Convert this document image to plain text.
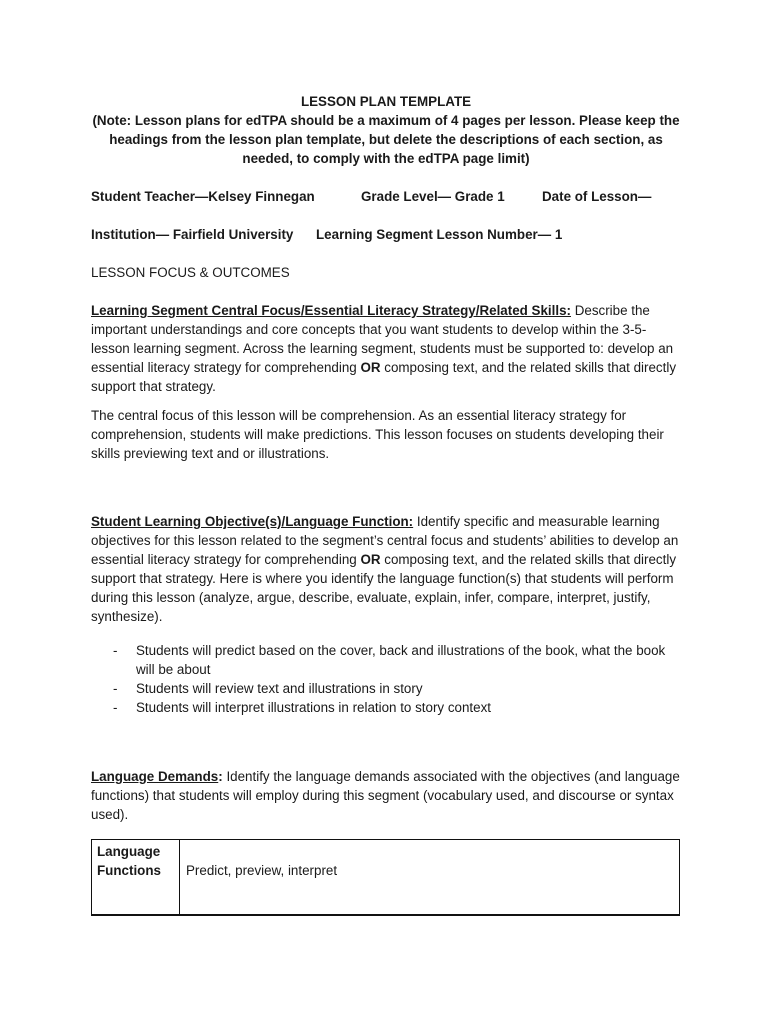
LESSON PLAN TEMPLATE

(Note: Lesson plans for edTPA should be a maximum of 4 pages per lesson. Please keep the

headings from the lesson plan template, but delete the descriptions of each section, as

needed, to comply with the edTPA page limit)

Student Teacher—Kelsey Finnegan	Grade Level— Grade 1	Date of Lesson—
Institution— Fairfield University	Learning Segment Lesson Number— 1

LESSON FOCUS & OUTCOMES

Learning Segment Central Focus/Essential Literacy Strategy/Related Skills: Describe the important understandings and core concepts that you want students to develop within the 3-5-lesson learning segment. Across the learning segment, students must be supported to: develop an essential literacy strategy for comprehending OR composing text, and the related skills that directly support that strategy.

The central focus of this lesson will be comprehension. As an essential literacy strategy for comprehension, students will make predictions. This lesson focuses on students developing their skills previewing text and or illustrations.

Student Learning Objective(s)/Language Function: Identify specific and measurable learning objectives for this lesson related to the segment’s central focus and students’ abilities to develop an essential literacy strategy for comprehending OR composing text, and the related skills that directly support that strategy. Here is where you identify the language function(s) that students will perform during this lesson (analyze, argue, describe, evaluate, explain, infer, compare, interpret, justify, synthesize).

- Students will predict based on the cover, back and illustrations of the book, what the book will be about
- Students will review text and illustrations in story
- Students will interpret illustrations in relation to story context

Language Demands: Identify the language demands associated with the objectives (and language functions) that students will employ during this segment (vocabulary used, and discourse or syntax used).

Language Functions	Predict, preview, interpret
